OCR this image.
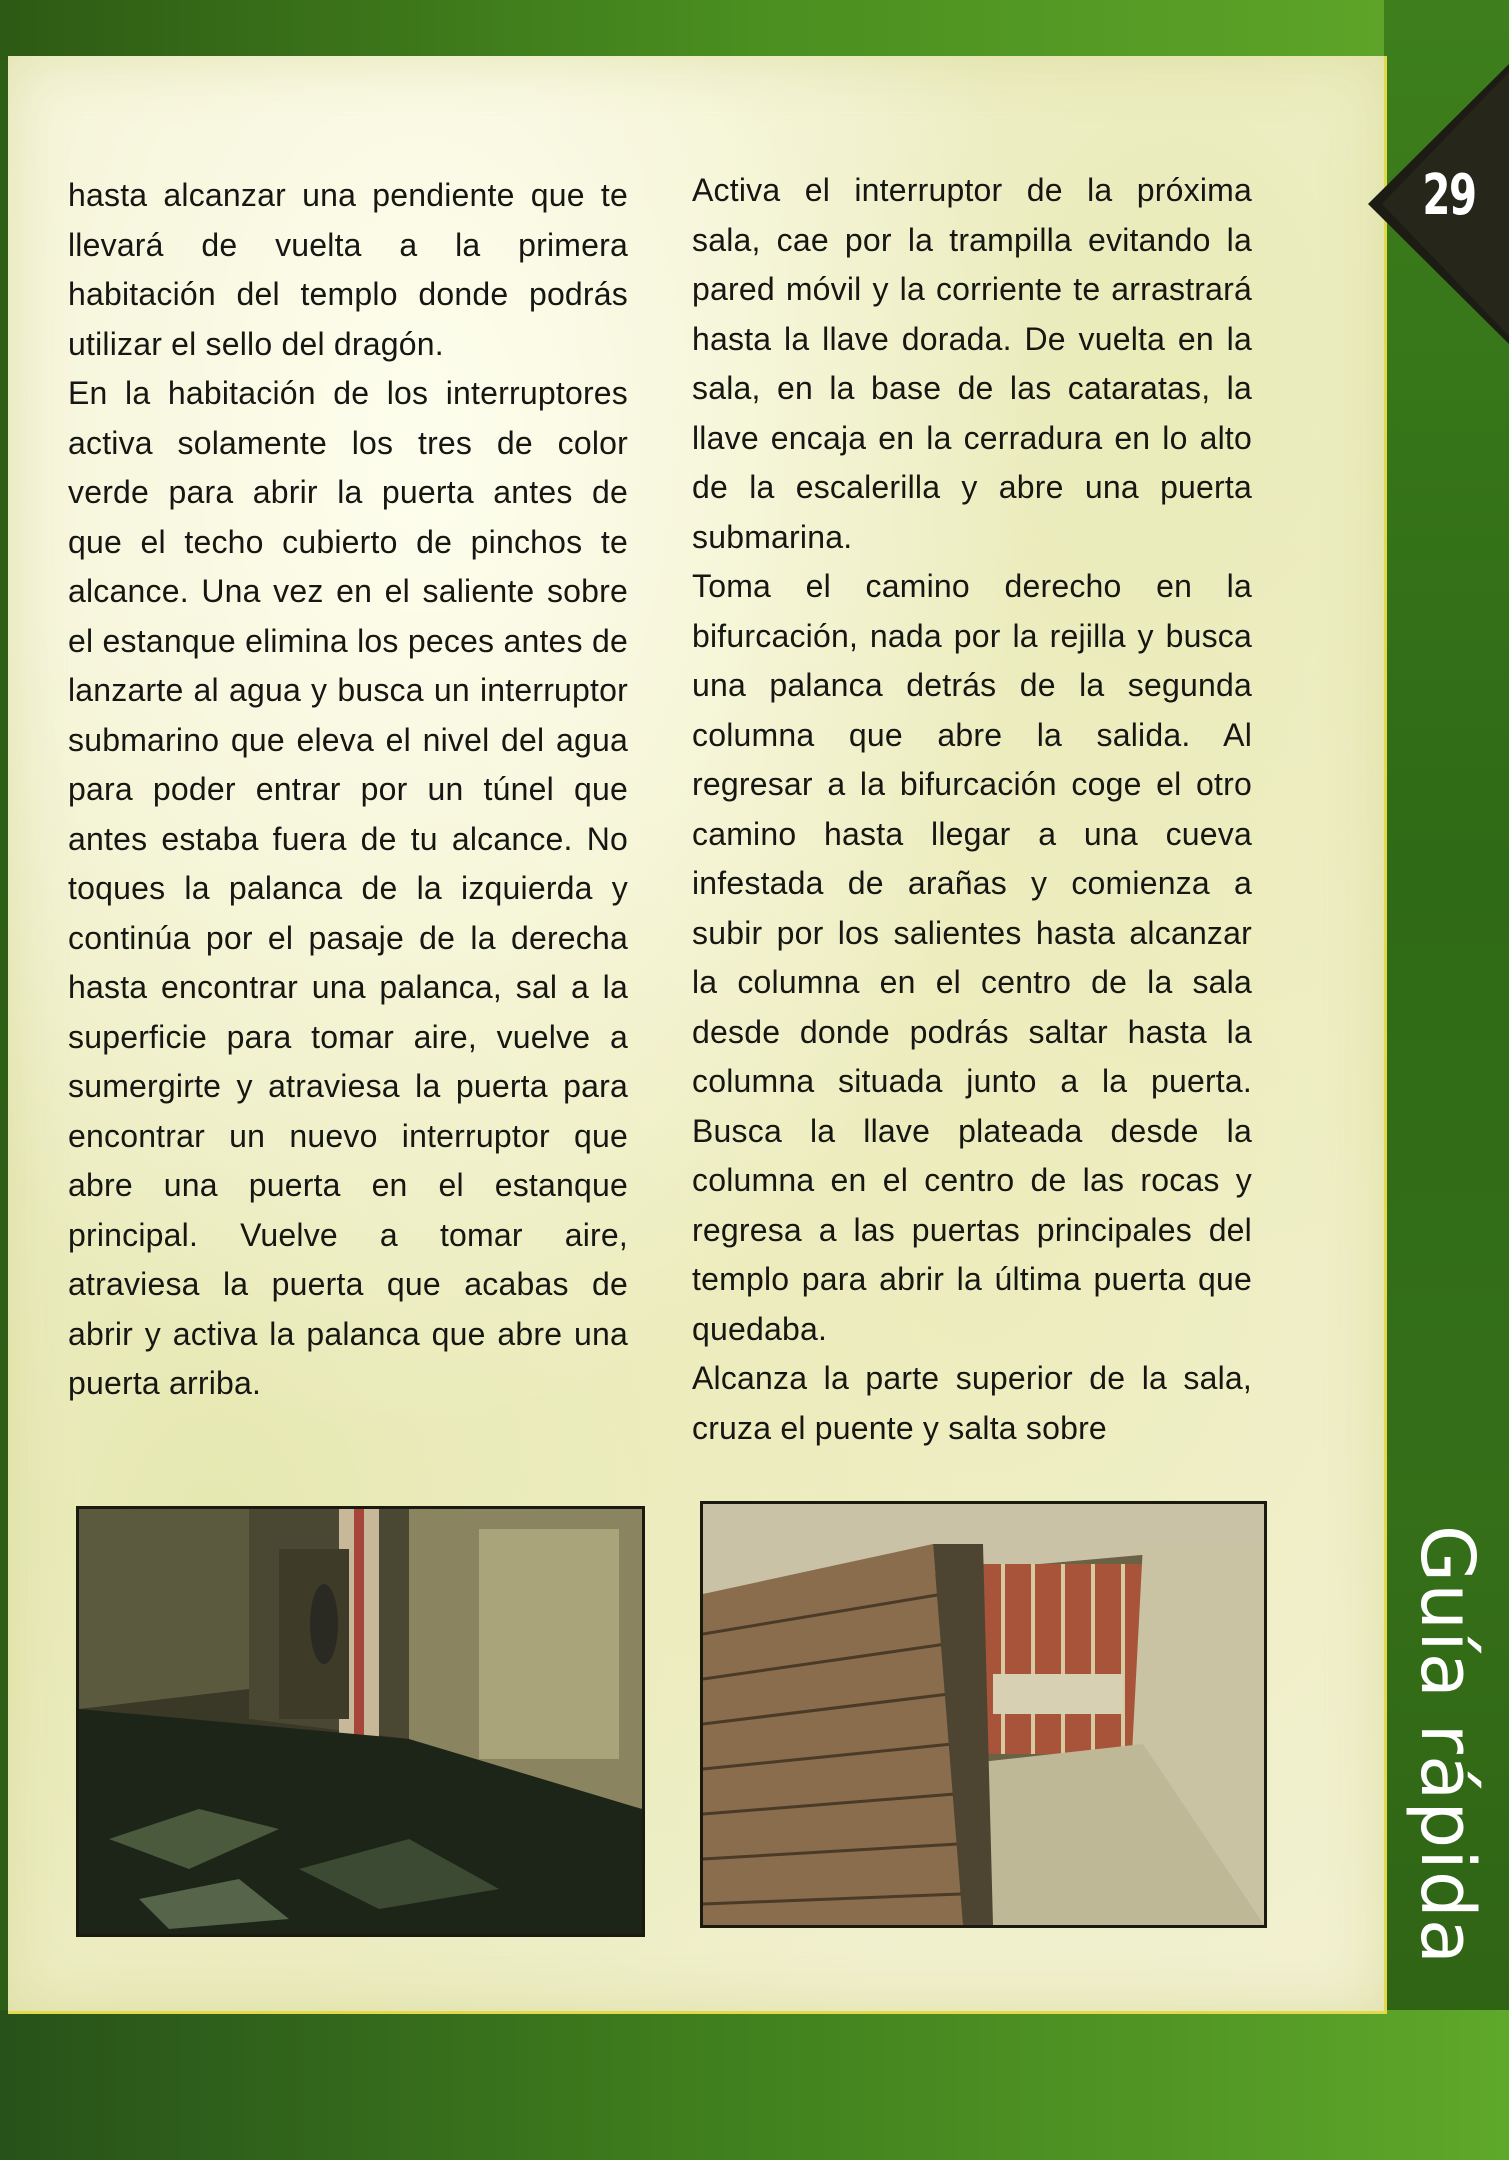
29
Guía rápida

hasta alcanzar una pendiente que te llevará de vuelta a la primera habitación del templo donde podrás utilizar el sello del dragón.

En la habitación de los interruptores activa solamente los tres de color verde para abrir la puerta antes de que el techo cubierto de pinchos te alcance. Una vez en el saliente sobre el estanque elimina los peces antes de lanzarte al agua y busca un interruptor submarino que eleva el nivel del agua para poder entrar por un túnel que antes estaba fuera de tu alcance. No toques la palanca de la izquierda y continúa por el pasaje de la derecha hasta encontrar una palanca, sal a la superficie para tomar aire, vuelve a sumergirte y atraviesa la puerta para encontrar un nuevo interruptor que abre una puerta en el estanque principal. Vuelve a tomar aire, atraviesa la puerta que acabas de abrir y activa la palanca que abre una puerta arriba.

Activa el interruptor de la próxima sala, cae por la trampilla evitando la pared móvil y la corriente te arrastrará hasta la llave dorada. De vuelta en la sala, en la base de las cataratas, la llave encaja en la cerradura en lo alto de la escalerilla y abre una puerta submarina.

Toma el camino derecho en la bifurcación, nada por la rejilla y busca una palanca detrás de la segunda columna que abre la salida. Al regresar a la bifurcación coge el otro camino hasta llegar a una cueva infestada de arañas y comienza a subir por los salientes hasta alcanzar la columna en el centro de la sala desde donde podrás saltar hasta la columna situada junto a la puerta. Busca la llave plateada desde la columna en el centro de las rocas y regresa a las puertas principales del templo para abrir la última puerta que quedaba.

Alcanza la parte superior de la sala, cruza el puente y salta sobre
